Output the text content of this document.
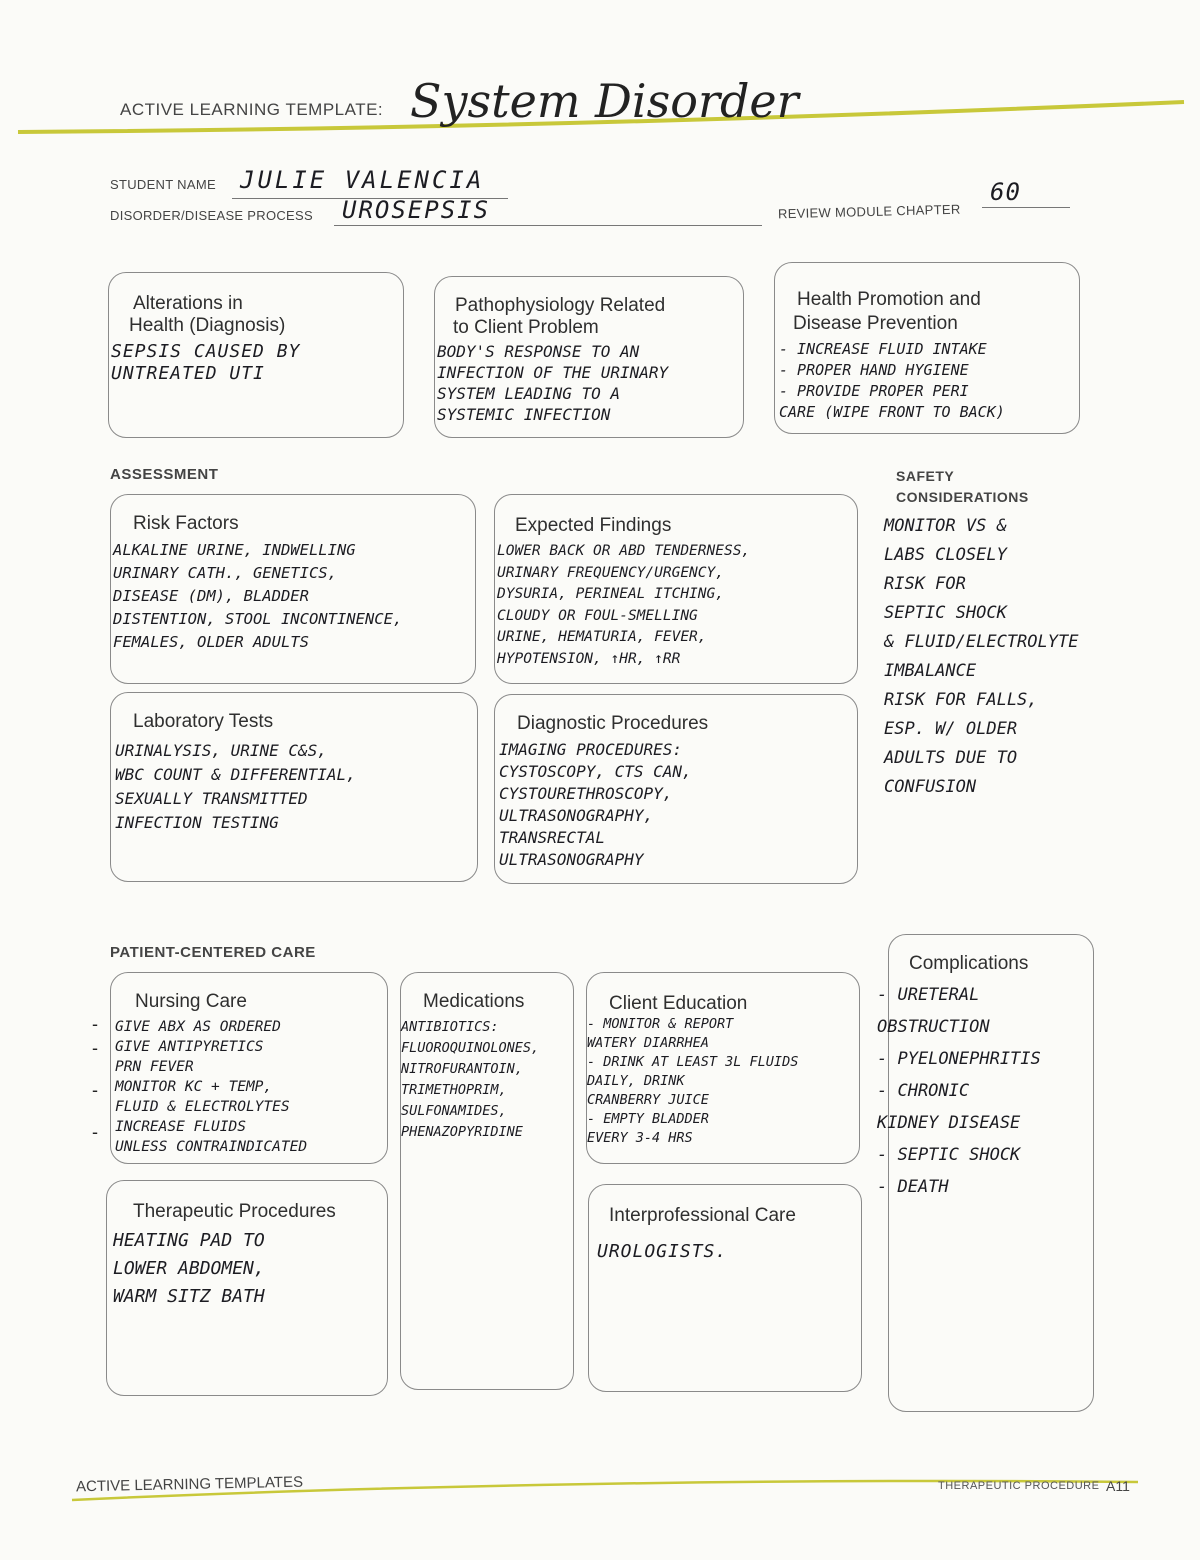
ACTIVE LEARNING TEMPLATE: System Disorder
STUDENT NAME JULIE VALENCIA
DISORDER/DISEASE PROCESS UROSEPSIS	REVIEW MODULE CHAPTER
60
Alterations in
Health (Diagnosis)
SEPSIS CAUSED BY
UNTREATED UTI
Pathophysiology Related
to Client Problem
BODY'S RESPONSE TO AN
INFECTION OF THE URINARY
SYSTEM LEADING TO A
SYSTEMIC INFECTION
Health Promotion and
Disease Prevention
- INCREASE FLUID INTAKE
- PROPER HAND HYGIENE
- PROVIDE PROPER PERI
CARE (WIPE FRONT TO BACK)
ASSESSMENT
Risk Factors
ALKALINE URINE, INDWELLING
URINARY CATH., GENETICS,
DISEASE (DM), BLADDER
DISTENTION, STOOL INCONTINENCE,
FEMALES, OLDER ADULTS
Expected Findings
LOWER BACK OR ABD TENDERNESS,
URINARY FREQUENCY/URGENCY,
DYSURIA, PERINEAL ITCHING,
CLOUDY OR FOUL-SMELLING
URINE, HEMATURIA, FEVER,
HYPOTENSION, ↑HR, ↑RR
Laboratory Tests
URINALYSIS, URINE C&S,
WBC COUNT & DIFFERENTIAL,
SEXUALLY TRANSMITTED
INFECTION TESTING
Diagnostic Procedures
IMAGING PROCEDURES:
CYSTOSCOPY, CTS CAN,
CYSTOURETHROSCOPY,
ULTRASONOGRAPHY,
TRANSRECTAL
ULTRASONOGRAPHY
SAFETY
CONSIDERATIONS
MONITOR VS &
LABS CLOSELY
RISK FOR
SEPTIC SHOCK
& FLUID/ELECTROLYTE
IMBALANCE
RISK FOR FALLS,
ESP. W/ OLDER
ADULTS DUE TO
CONFUSION
PATIENT-CENTERED CARE
Nursing Care
GIVE ABX AS ORDERED
GIVE ANTIPYRETICS
PRN FEVER
MONITOR KC + TEMP,
FLUID & ELECTROLYTES
INCREASE FLUIDS
UNLESS CONTRAINDICATED
-
-
-
-
Medications
ANTIBIOTICS:
FLUOROQUINOLONES,
NITROFURANTOIN,
TRIMETHOPRIM,
SULFONAMIDES,
PHENAZOPYRIDINE
Client Education
- MONITOR & REPORT
WATERY DIARRHEA
- DRINK AT LEAST 3L FLUIDS
DAILY, DRINK
CRANBERRY JUICE
- EMPTY BLADDER
EVERY 3-4 HRS
Complications
- URETERAL
OBSTRUCTION
- PYELONEPHRITIS
- CHRONIC
KIDNEY DISEASE
- SEPTIC SHOCK
- DEATH
Therapeutic Procedures
HEATING PAD TO
LOWER ABDOMEN,
WARM SITZ BATH
Interprofessional Care
UROLOGISTS.
ACTIVE LEARNING TEMPLATES	THERAPEUTIC PROCEDURE A11
